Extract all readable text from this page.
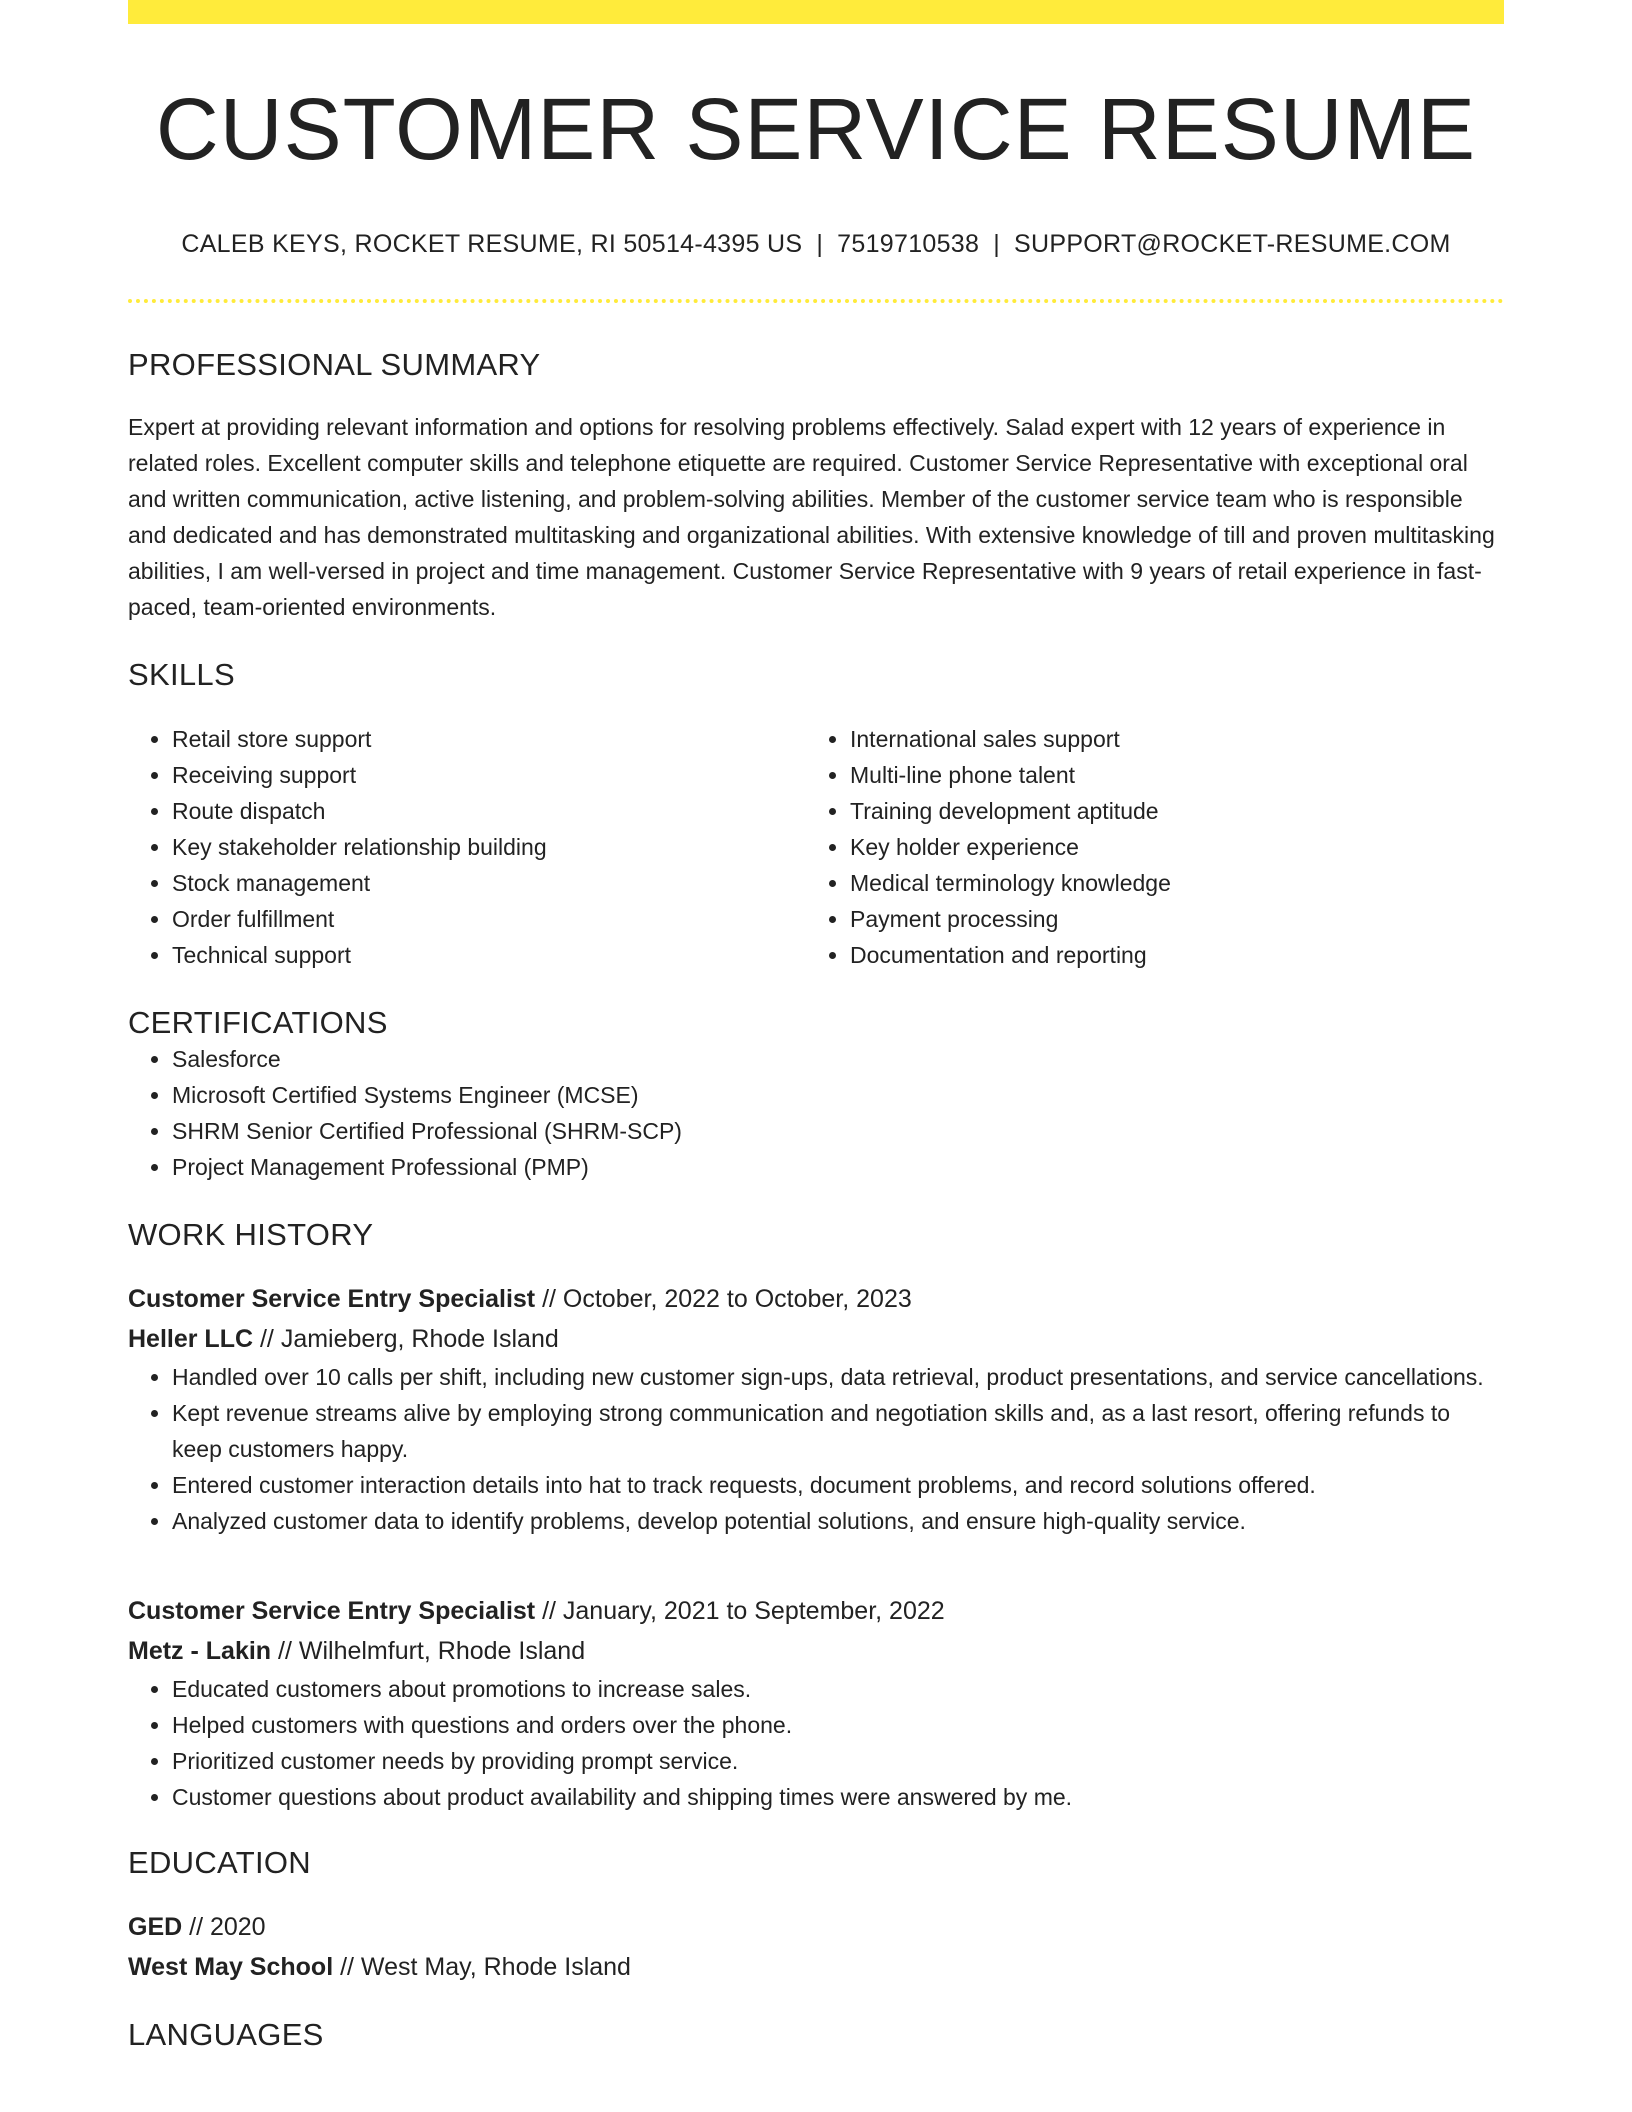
CUSTOMER SERVICE RESUME
CALEB KEYS, ROCKET RESUME, RI 50514-4395 US | 7519710538 | SUPPORT@ROCKET-RESUME.COM
PROFESSIONAL SUMMARY

Expert at providing relevant information and options for resolving problems effectively. Salad expert with 12 years of experience in related roles. Excellent computer skills and telephone etiquette are required. Customer Service Representative with exceptional oral and written communication, active listening, and problem-solving abilities. Member of the customer service team who is responsible and dedicated and has demonstrated multitasking and organizational abilities. With extensive knowledge of till and proven multitasking abilities, I am well-versed in project and time management. Customer Service Representative with 9 years of retail experience in fast-paced, team-oriented environments.

SKILLS
• Retail store support
• Receiving support
• Route dispatch
• Key stakeholder relationship building
• Stock management
• Order fulfillment
• Technical support
• International sales support
• Multi-line phone talent
• Training development aptitude
• Key holder experience
• Medical terminology knowledge
• Payment processing
• Documentation and reporting
CERTIFICATIONS
• Salesforce
• Microsoft Certified Systems Engineer (MCSE)
• SHRM Senior Certified Professional (SHRM-SCP)
• Project Management Professional (PMP)
WORK HISTORY
Customer Service Entry Specialist // October, 2022 to October, 2023
Heller LLC // Jamieberg, Rhode Island
• Handled over 10 calls per shift, including new customer sign-ups, data retrieval, product presentations, and service cancellations.
• Kept revenue streams alive by employing strong communication and negotiation skills and, as a last resort, offering refunds to keep customers happy.
• Entered customer interaction details into hat to track requests, document problems, and record solutions offered.
• Analyzed customer data to identify problems, develop potential solutions, and ensure high-quality service.
Customer Service Entry Specialist // January, 2021 to September, 2022
Metz - Lakin // Wilhelmfurt, Rhode Island
• Educated customers about promotions to increase sales.
• Helped customers with questions and orders over the phone.
• Prioritized customer needs by providing prompt service.
• Customer questions about product availability and shipping times were answered by me.
EDUCATION
GED // 2020
West May School // West May, Rhode Island
LANGUAGES
